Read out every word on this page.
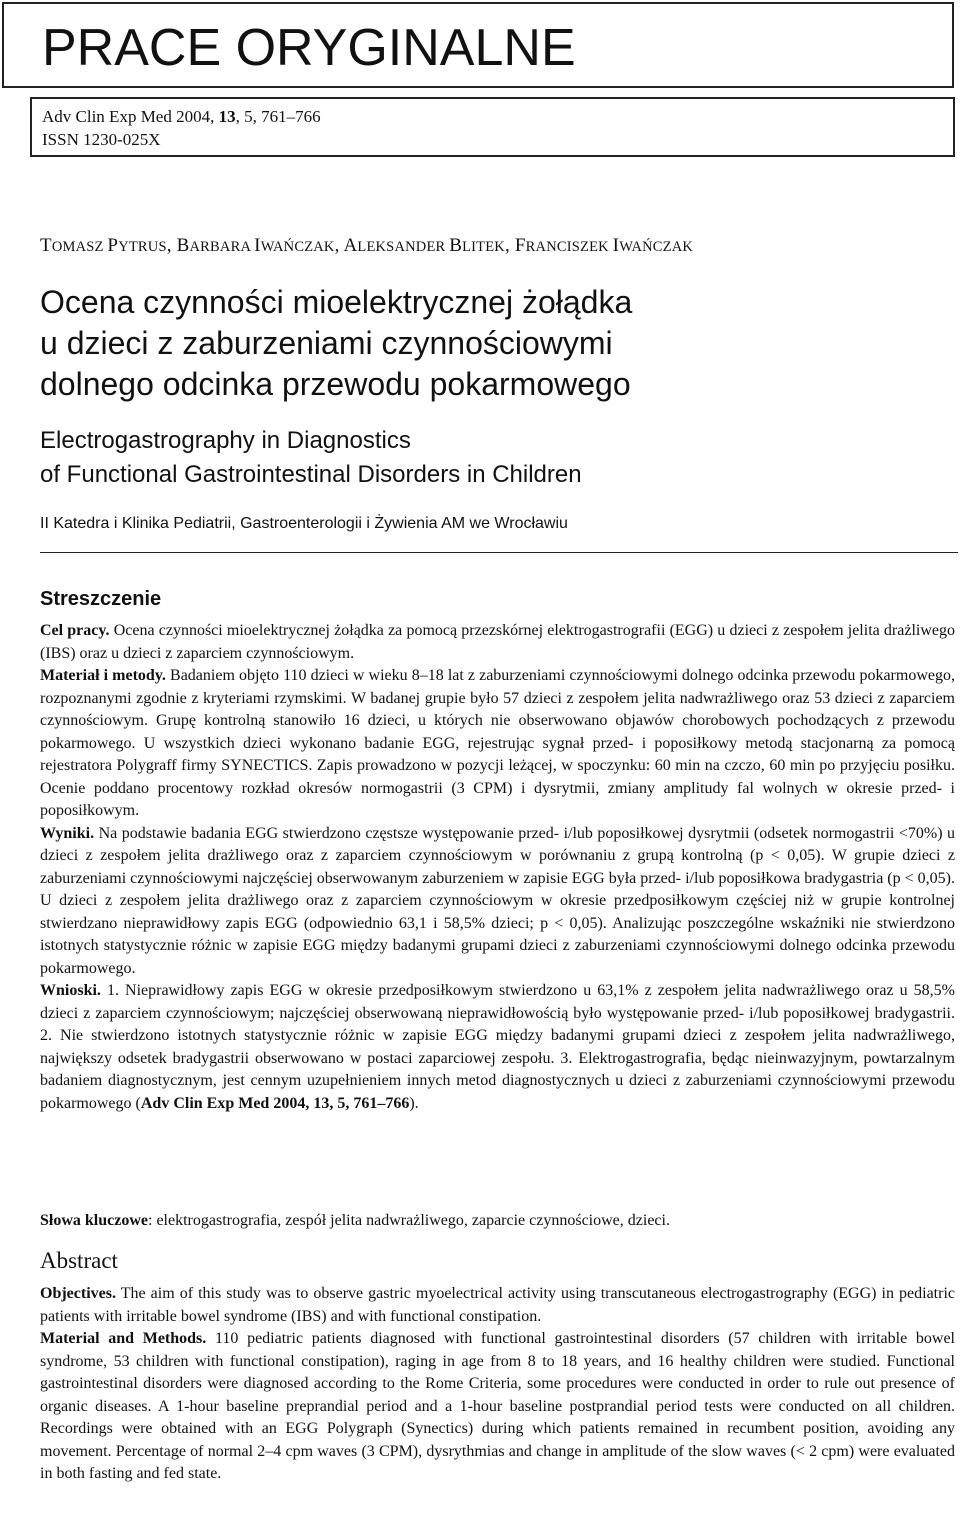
PRACE ORYGINALNE
Adv Clin Exp Med 2004, 13, 5, 761–766
ISSN 1230-025X
TOMASZ PYTRUS, BARBARA IWAŃCZAK, ALEKSANDER BLITEK, FRANCISZEK IWAŃCZAK
Ocena czynności mioelektrycznej żołądka
u dzieci z zaburzeniami czynnościowymi
dolnego odcinka przewodu pokarmowego
Electrogastrography in Diagnostics
of Functional Gastrointestinal Disorders in Children
II Katedra i Klinika Pediatrii, Gastroenterologii i Żywienia AM we Wrocławiu
Streszczenie

Cel pracy. Ocena czynności mioelektrycznej żołądka za pomocą przezskórnej elektrogastrografii (EGG) u dzieci z zespołem jelita drażliwego (IBS) oraz u dzieci z zaparciem czynnościowym.

Materiał i metody. Badaniem objęto 110 dzieci w wieku 8–18 lat z zaburzeniami czynnościowymi dolnego odcinka przewodu pokarmowego, rozpoznanymi zgodnie z kryteriami rzymskimi. W badanej grupie było 57 dzieci z zespołem jelita nadwrażliwego oraz 53 dzieci z zaparciem czynnościowym. Grupę kontrolną stanowiło 16 dzieci, u których nie obserwowano objawów chorobowych pochodzących z przewodu pokarmowego. U wszystkich dzieci wykonano badanie EGG, rejestrując sygnał przed- i poposiłkowy metodą stacjonarną za pomocą rejestratora Polygraff firmy SYNECTICS. Zapis prowadzono w pozycji leżącej, w spoczynku: 60 min na czczo, 60 min po przyjęciu posiłku. Ocenie poddano procentowy rozkład okresów normogastrii (3 CPM) i dysrytmii, zmiany amplitudy fal wolnych w okresie przed- i poposiłkowym.

Wyniki. Na podstawie badania EGG stwierdzono częstsze występowanie przed- i/lub poposiłkowej dysrytmii (odsetek normogastrii <70%) u dzieci z zespołem jelita drażliwego oraz z zaparciem czynnościowym w porównaniu z grupą kontrolną (p < 0,05). W grupie dzieci z zaburzeniami czynnościowymi najczęściej obserwowanym zaburzeniem w zapisie EGG była przed- i/lub poposiłkowa bradygastria (p < 0,05). U dzieci z zespołem jelita drażliwego oraz z zaparciem czynnościowym w okresie przedposiłkowym częściej niż w grupie kontrolnej stwierdzano nieprawidłowy zapis EGG (odpowiednio 63,1 i 58,5% dzieci; p < 0,05). Analizując poszczególne wskaźniki nie stwierdzono istotnych statystycznie różnic w zapisie EGG między badanymi grupami dzieci z zaburzeniami czynnościowymi dolnego odcinka przewodu pokarmowego.

Wnioski. 1. Nieprawidłowy zapis EGG w okresie przedposiłkowym stwierdzono u 63,1% z zespołem jelita nadwrażliwego oraz u 58,5% dzieci z zaparciem czynnościowym; najczęściej obserwowaną nieprawidłowością było występowanie przed- i/lub poposiłkowej bradygastrii. 2. Nie stwierdzono istotnych statystycznie różnic w zapisie EGG między badanymi grupami dzieci z zespołem jelita nadwrażliwego, największy odsetek bradygastrii obserwowano w postaci zaparciowej zespołu. 3. Elektrogastrografia, będąc nieinwazyjnym, powtarzalnym badaniem diagnostycznym, jest cennym uzupełnieniem innych metod diagnostycznych u dzieci z zaburzeniami czynnościowymi przewodu pokarmowego (Adv Clin Exp Med 2004, 13, 5, 761–766).

Słowa kluczowe: elektrogastrografia, zespół jelita nadwrażliwego, zaparcie czynnościowe, dzieci.

Abstract

Objectives. The aim of this study was to observe gastric myoelectrical activity using transcutaneous electrogastrography (EGG) in pediatric patients with irritable bowel syndrome (IBS) and with functional constipation.

Material and Methods. 110 pediatric patients diagnosed with functional gastrointestinal disorders (57 children with irritable bowel syndrome, 53 children with functional constipation), raging in age from 8 to 18 years, and 16 healthy children were studied. Functional gastrointestinal disorders were diagnosed according to the Rome Criteria, some procedures were conducted in order to rule out presence of organic diseases. A 1-hour baseline preprandial period and a 1-hour baseline postprandial period tests were conducted on all children. Recordings were obtained with an EGG Polygraph (Synectics) during which patients remained in recumbent position, avoiding any movement. Percentage of normal 2–4 cpm waves (3 CPM), dysrythmias and change in amplitude of the slow waves (< 2 cpm) were evaluated in both fasting and fed state.
